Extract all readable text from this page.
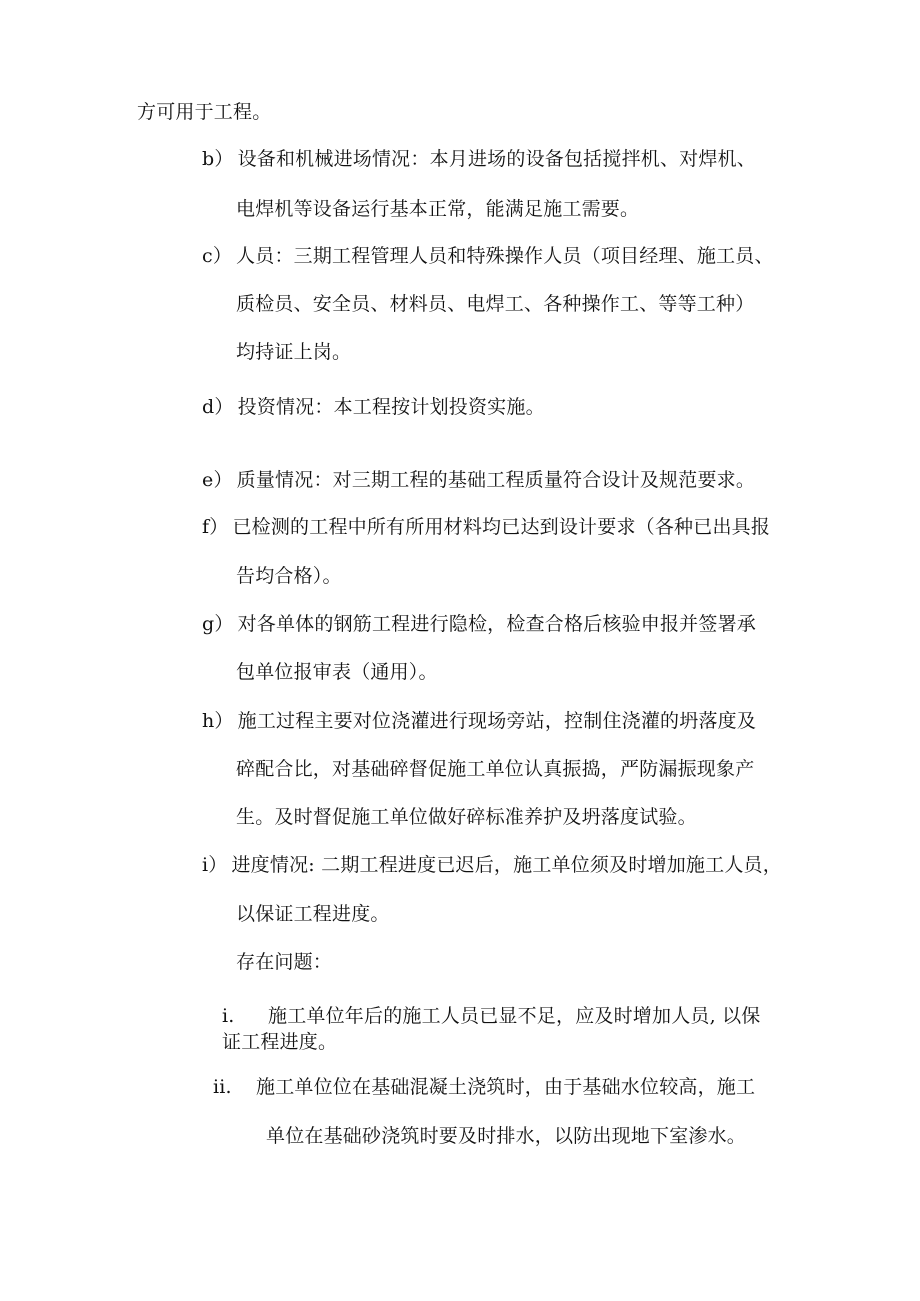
方可用于工程。
b） 设备和机械进场情况：本月进场的设备包括搅拌机、对焊机、
电焊机等设备运行基本正常，能满足施工需要。
c） 人员：三期工程管理人员和特殊操作人员（项目经理、施工员、
质检员、安全员、材料员、电焊工、各种操作工、等等工种）
均持证上岗。
d） 投资情况：本工程按计划投资实施。
e） 质量情况：对三期工程的基础工程质量符合设计及规范要求。
f） 已检测的工程中所有所用材料均已达到设计要求（各种已出具报
告均合格）。
g） 对各单体的钢筋工程进行隐检，检查合格后核验申报并签署承
包单位报审表（通用）。
h） 施工过程主要对位浇灌进行现场旁站，控制住浇灌的坍落度及
碎配合比，对基础碎督促施工单位认真振捣，严防漏振现象产
生。及时督促施工单位做好碎标准养护及坍落度试验。
i） 进度情况: 二期工程进度已迟后，施工单位须及时增加施工人员，
以保证工程进度。
存在问题：
i. 施工单位年后的施工人员已显不足，应及时增加人员, 以保
证工程进度。
ii. 施工单位位在基础混凝土浇筑时，由于基础水位较高，施工
单位在基础砂浇筑时要及时排水，以防出现地下室渗水。
